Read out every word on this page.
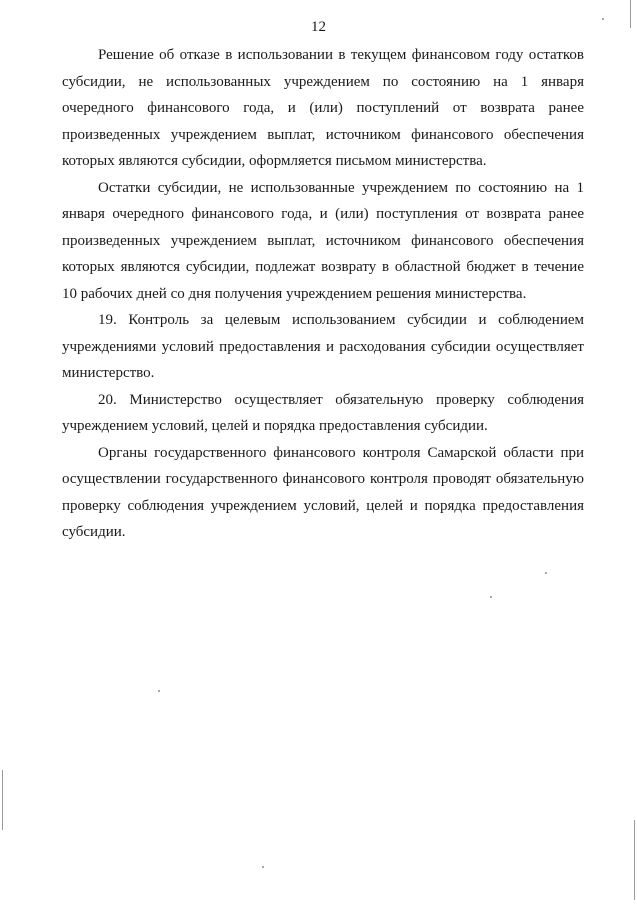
12

Решение об отказе в использовании в текущем финансовом году остатков субсидии, не использованных учреждением по состоянию на 1 января очередного финансового года, и (или) поступлений от возврата ранее произведенных учреждением выплат, источником финансового обеспечения которых являются субсидии, оформляется письмом министерства.

Остатки субсидии, не использованные учреждением по состоянию на 1 января очередного финансового года, и (или) поступления от возврата ранее произведенных учреждением выплат, источником финансового обеспечения которых являются субсидии, подлежат возврату в областной бюджет в течение 10 рабочих дней со дня получения учреждением решения министерства.

19. Контроль за целевым использованием субсидии и соблюдением учреждениями условий предоставления и расходования субсидии осуществляет министерство.

20. Министерство осуществляет обязательную проверку соблюдения учреждением условий, целей и порядка предоставления субсидии.

Органы государственного финансового контроля Самарской области при осуществлении государственного финансового контроля проводят обязательную проверку соблюдения учреждением условий, целей и порядка предоставления субсидии.
